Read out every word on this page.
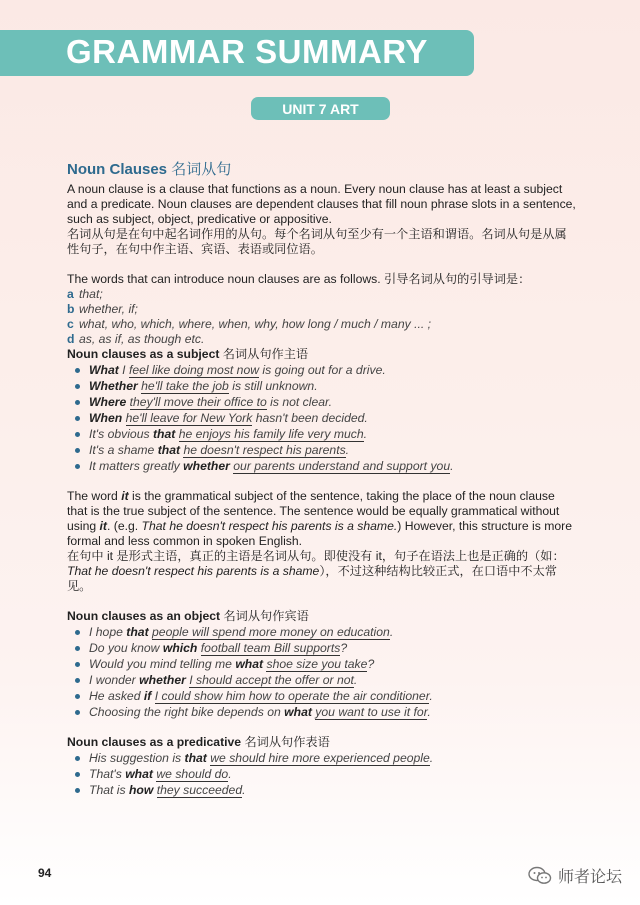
GRAMMAR SUMMARY
UNIT 7 ART
Noun Clauses 名词从句

A noun clause is a clause that functions as a noun. Every noun clause has at least a subject and a predicate. Noun clauses are dependent clauses that fill noun phrase slots in a sentence, such as subject, object, predicative or appositive.

名词从句是在句中起名词作用的从句。每个名词从句至少有一个主语和谓语。名词从句是从属性句子，在句中作主语、宾语、表语或同位语。

The words that can introduce noun clauses are as follows. 引导名词从句的引导词是：

a that;
b whether, if;
c what, who, which, where, when, why, how long / much / many ... ;
d as, as if, as though etc.

Noun clauses as a subject 名词从句作主语

What I feel like doing most now is going out for a drive.
Whether he'll take the job is still unknown.
Where they'll move their office to is not clear.
When he'll leave for New York hasn't been decided.
It's obvious that he enjoys his family life very much.
It's a shame that he doesn't respect his parents.
It matters greatly whether our parents understand and support you.

The word it is the grammatical subject of the sentence, taking the place of the noun clause that is the true subject of the sentence. The sentence would be equally grammatical without using it. (e.g. That he doesn't respect his parents is a shame.) However, this structure is more formal and less common in spoken English.

在句中 it 是形式主语，真正的主语是名词从句。即使没有 it，句子在语法上也是正确的（如：That he doesn't respect his parents is a shame），不过这种结构比较正式，在口语中不太常见。

Noun clauses as an object 名词从句作宾语

I hope that people will spend more money on education.
Do you know which football team Bill supports?
Would you mind telling me what shoe size you take?
I wonder whether I should accept the offer or not.
He asked if I could show him how to operate the air conditioner.
Choosing the right bike depends on what you want to use it for.

Noun clauses as a predicative 名词从句作表语

His suggestion is that we should hire more experienced people.
That's what we should do.
That is how they succeeded.
94	师者论坛
